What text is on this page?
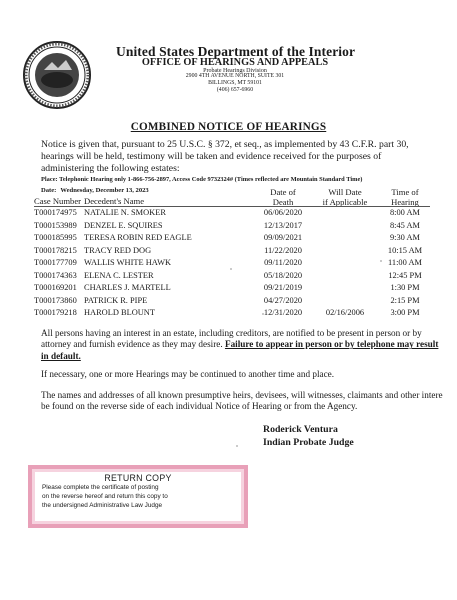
United States Department of the Interior
OFFICE OF HEARINGS AND APPEALS
Probate Hearings Division
2900 4TH AVENUE NORTH, SUITE 301
BILLINGS, MT 59101
(406) 657-6960
COMBINED NOTICE OF HEARINGS
Notice is given that, pursuant to 25 U.S.C. § 372, et seq., as implemented by 43 C.F.R. part 30, hearings will be held, testimony will be taken and evidence received for the purposes of administering the following estates:
Place: Telephonic Hearing only 1-866-756-2897, Access Code 9732324# (Times reflected are Mountain Standard Time)
Date: Wednesday, December 13, 2023
Case Number Decedent's Name
Date of
Death
Will Date
if Applicable
Time of
Hearing
T000174975 NATALIE N. SMOKER	06/06/2020	8:00 AM
T000153989 DENZEL E. SQUIRES	12/13/2017	8:45 AM
T000185995 TERESA ROBIN RED EAGLE	09/09/2021	9:30 AM
T000178215 TRACY RED DOG	11/22/2020	10:15 AM
T000177709 WALLIS WHITE HAWK	09/11/2020	11:00 AM
T000174363 ELENA C. LESTER	05/18/2020	12:45 PM
T000169201 CHARLES J. MARTELL	09/21/2019	1:30 PM
T000173860 PATRICK R. PIPE	04/27/2020	2:15 PM
T000179218 HAROLD BLOUNT	12/31/2020	02/16/2006	3:00 PM
All persons having an interest in an estate, including creditors, are notified to be present in person or by attorney and furnish evidence as they may desire. Failure to appear in person or by telephone may result in default.
If necessary, one or more Hearings may be continued to another time and place.
The names and addresses of all known presumptive heirs, devisees, will witnesses, claimants and other intere
be found on the reverse side of each individual Notice of Hearing or from the Agency.
Roderick Ventura
Indian Probate Judge
RETURN COPY
Please complete the certificate of posting
on the reverse hereof and return this copy to
the undersigned Administrative Law Judge
